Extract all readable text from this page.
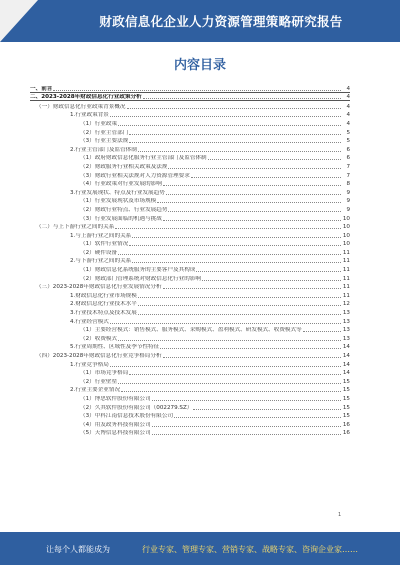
财政信息化企业人力资源管理策略研究报告
内容目录
一、前言	4
二、2023-2028年财政信息化行业政策分析	4
（一）财政信息化行业政策背景概况	4
1.行业政策背景	4
（1）行业政策	4
（2）行业主管部门	5
（3）行业主要法规	5
2.行业主管部门及监管体制	6
（1）政府财政信息化服务行业主管部门及监管体制	6
（2）财政服务行业相关政策及法规	7
（3）财政行业相关法规对人力资源管理要求	7
（4）行业政策对行业发展的影响	8
3.行业发展现状、特点及行业发展趋势	9
（1）行业发展现状及市场规模	9
（2）财政行业特点、行业发展趋势	9
（3）行业发展面临的机遇与挑战	10
（二）与上下游行业之间的关系	10
1.与上游行业之间的关系	10
（1）软件行业情况	10
（2）硬件设备	11
2.与下游行业之间的关系	11
（1）财政信息化系统服务的主要客户及其构成	11
（2）财政部门管理系统对财政信息化行业的影响	11
（三）2023-2028年财政信息化行业发展情况分析	11
1.财政信息化行业市场规模	11
2.财政信息化行业技术水平	12
3.行业技术特点及技术发展	13
4.行业经营模式	13
（1）主要经营模式：销售模式、服务模式、采购模式、盈利模式、研发模式、收费模式等	13
（2）收费模式	13
5.行业周期性、区域性及季节性特征	14
（四）2023-2028年财政信息化行业竞争格局分析	14
1.行业竞争格局	14
（1）市场竞争格局	14
（2）行业壁垒	15
2.行业主要企业情况	15
（1）博思软件股份有限公司	15
（2）久其软件股份有限公司（002279.SZ）	15
（3）中科江南信息技术股份有限公司	15
（4）用友政务科技有限公司	16
（5）天博信息科技有限公司	16
1
让每个人都能成为	行业专家、管理专家、营销专家、战略专家、咨询企业家……
